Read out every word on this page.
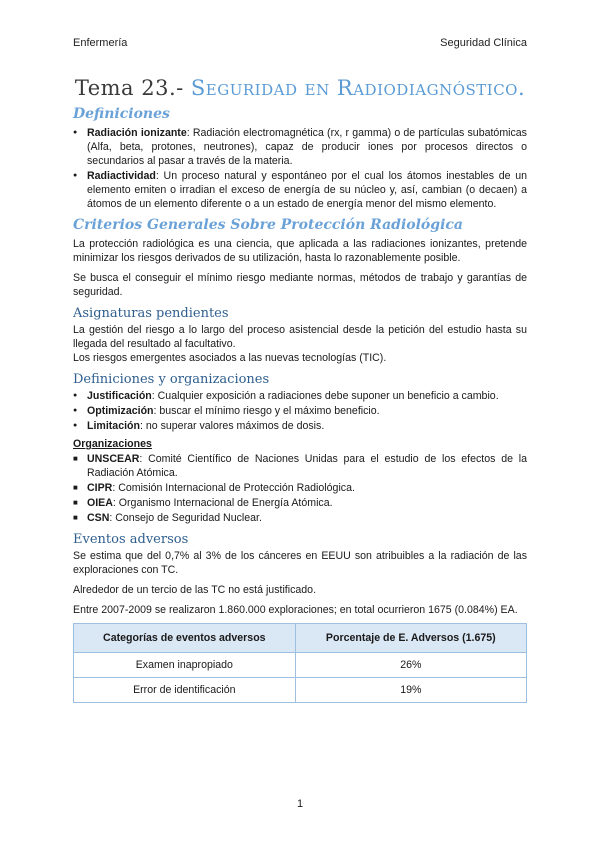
Enfermería	Seguridad Clínica
Tema 23.- Seguridad en Radiodiagnóstico.
Definiciones
● Radiación ionizante: Radiación electromagnética (rx, r gamma) o de partículas subatómicas (Alfa, beta, protones, neutrones), capaz de producir iones por procesos directos o secundarios al pasar a través de la materia.
● Radiactividad: Un proceso natural y espontáneo por el cual los átomos inestables de un elemento emiten o irradian el exceso de energía de su núcleo y, así, cambian (o decaen) a átomos de un elemento diferente o a un estado de energía menor del mismo elemento.
Criterios Generales Sobre Protección Radiológica

La protección radiológica es una ciencia, que aplicada a las radiaciones ionizantes, pretende minimizar los riesgos derivados de su utilización, hasta lo razonablemente posible.

Se busca el conseguir el mínimo riesgo mediante normas, métodos de trabajo y garantías de seguridad.

Asignaturas pendientes

La gestión del riesgo a lo largo del proceso asistencial desde la petición del estudio hasta su llegada del resultado al facultativo.

Los riesgos emergentes asociados a las nuevas tecnologías (TIC).

Definiciones y organizaciones
● Justificación: Cualquier exposición a radiaciones debe suponer un beneficio a cambio.
● Optimización: buscar el mínimo riesgo y el máximo beneficio.
● Limitación: no superar valores máximos de dosis.
Organizaciones
■ UNSCEAR: Comité Científico de Naciones Unidas para el estudio de los efectos de la Radiación Atómica.
■ CIPR: Comisión Internacional de Protección Radiológica.
■ OIEA: Organismo Internacional de Energía Atómica.
■ CSN: Consejo de Seguridad Nuclear.
Eventos adversos

Se estima que del 0,7% al 3% de los cánceres en EEUU son atribuibles a la radiación de las exploraciones con TC.

Alrededor de un tercio de las TC no está justificado.

Entre 2007-2009 se realizaron 1.860.000 exploraciones; en total ocurrieron 1675 (0.084%) EA.

Categorías de eventos adversos	Porcentaje de E. Adversos (1.675)
Examen inapropiado	26%
Error de identificación	19%
1
